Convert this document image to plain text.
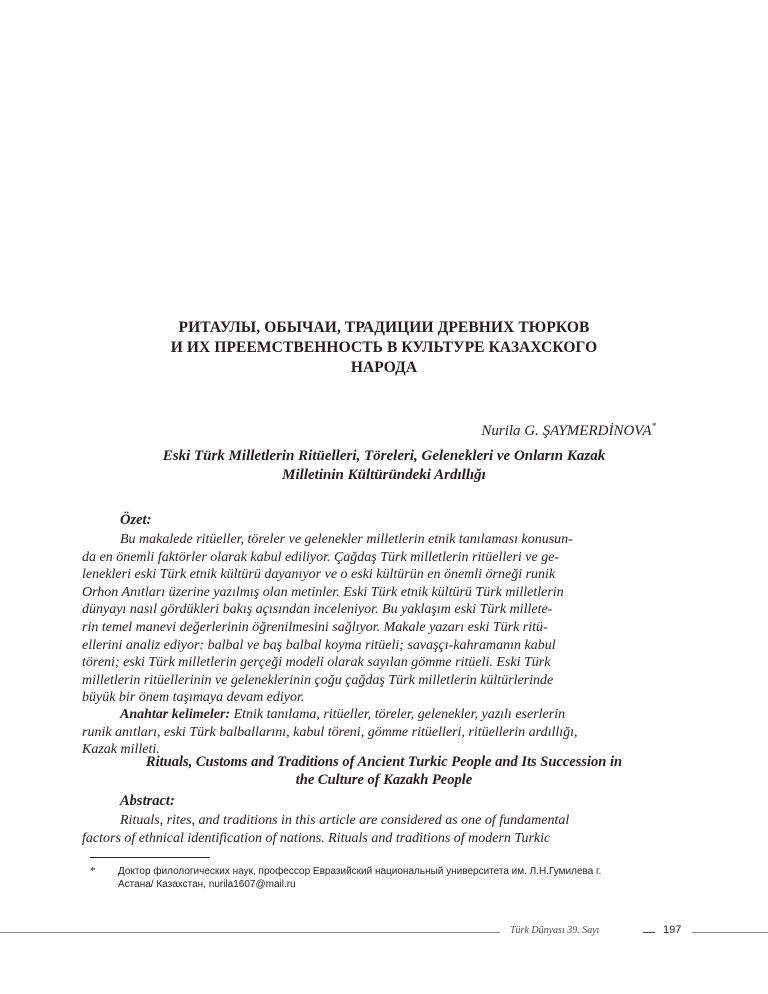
РИТАУЛЫ, ОБЫЧАИ, ТРАДИЦИИ ДРЕВНИХ ТЮРКОВ
И ИХ ПРЕЕМСТВЕННОСТЬ В КУЛЬТУРЕ КАЗАХСКОГО
НАРОДА
Nurila G. ŞAYMERDİNOVA*
Eski Türk Milletlerin Ritüelleri, Töreleri, Gelenekleri ve Onların Kazak
Milletinin Kültüründeki Ardıllığı
Özet:
Bu makalede ritüeller, töreler ve gelenekler milletlerin etnik tanılaması konusun-
da en önemli faktörler olarak kabul ediliyor. Çağdaş Türk milletlerin ritüelleri ve ge-
lenekleri eski Türk etnik kültürü dayanıyor ve o eski kültürün en önemli örneği runik
Orhon Anıtları üzerine yazılmış olan metinler. Eski Türk etnik kültürü Türk milletlerin
dünyayı nasıl gördükleri bakış açısından inceleniyor. Bu yaklaşım eski Türk millete-
rin temel manevi değerlerinin öğrenilmesini sağlıyor. Makale yazarı eski Türk ritü-
ellerini analiz ediyor: balbal ve baş balbal koyma ritüeli; savaşçı-kahramanın kabul
töreni; eski Türk milletlerin gerçeği modeli olarak sayılan gömme ritüeli. Eski Türk
milletlerin ritüellerinin ve geleneklerinin çoğu çağdaş Türk milletlerin kültürlerinde
büyük bir önem taşımaya devam ediyor.
Anahtar kelimeler: Etnik tanılama, ritüeller, töreler, gelenekler, yazılı eserlerin
runik anıtları, eski Türk balballarını, kabul töreni, gömme ritüelleri, ritüellerin ardıllığı,
Kazak milleti.
Rituals, Customs and Traditions of Ancient Turkic People and Its Succession in
the Culture of Kazakh People
Abstract:
Rituals, rites, and traditions in this article are considered as one of fundamental
factors of ethnical identification of nations. Rituals and traditions of modern Turkic
* Доктор филологических наук, профессор Евразийский национальный университета им. Л.Н.Гумилева г.
Астана/ Казахстан, nurila1607@mail.ru
Türk Dünyası 39. Sayı	197
